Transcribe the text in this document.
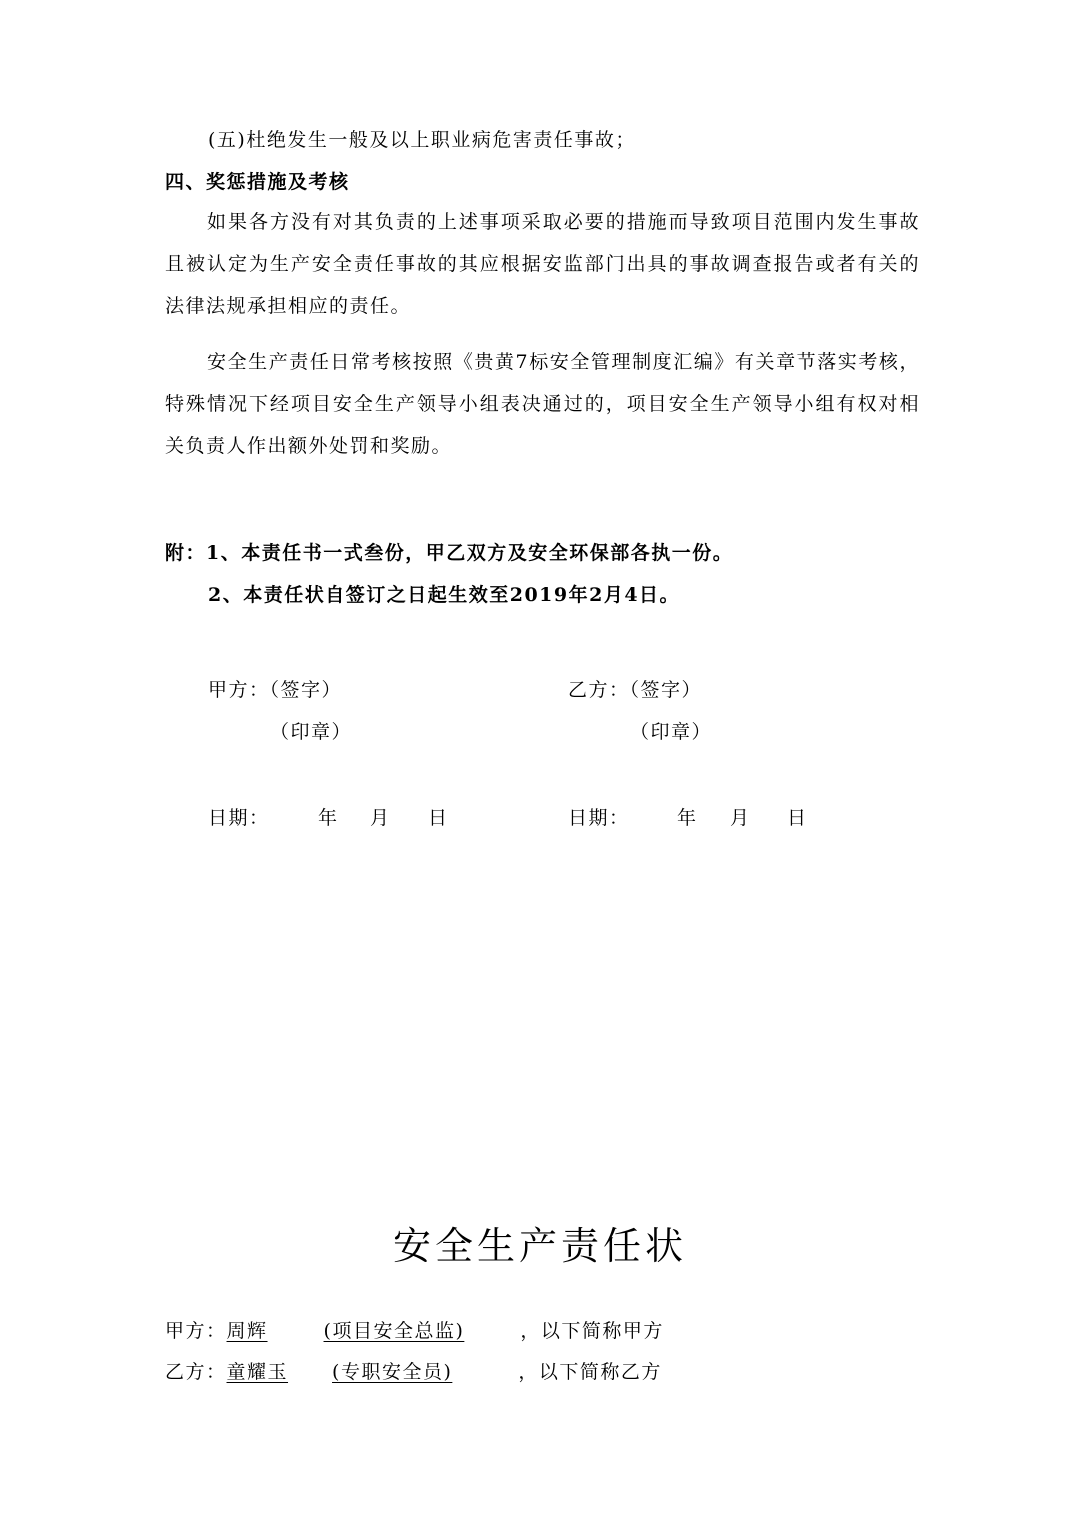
(五)杜绝发生一般及以上职业病危害责任事故；
四、奖惩措施及考核
如果各方没有对其负责的上述事项采取必要的措施而导致项目范围内发生事故且被认定为生产安全责任事故的其应根据安监部门出具的事故调查报告或者有关的法律法规承担相应的责任。
安全生产责任日常考核按照《贵黄7标安全管理制度汇编》有关章节落实考核，特殊情况下经项目安全生产领导小组表决通过的，项目安全生产领导小组有权对相关负责人作出额外处罚和奖励。
附：1、本责任书一式叁份，甲乙双方及安全环保部各执一份。
2、本责任状自签订之日起生效至2019年2月4日。
甲方：（签字）	乙方：（签字）
（印章）	（印章）
日期：	年 月 日	日期： 年 月 日
安全生产责任状
甲方：周辉	(项目安全总监)	，以下简称甲方
乙方：童耀玉 (专职安全员)	，以下简称乙方
